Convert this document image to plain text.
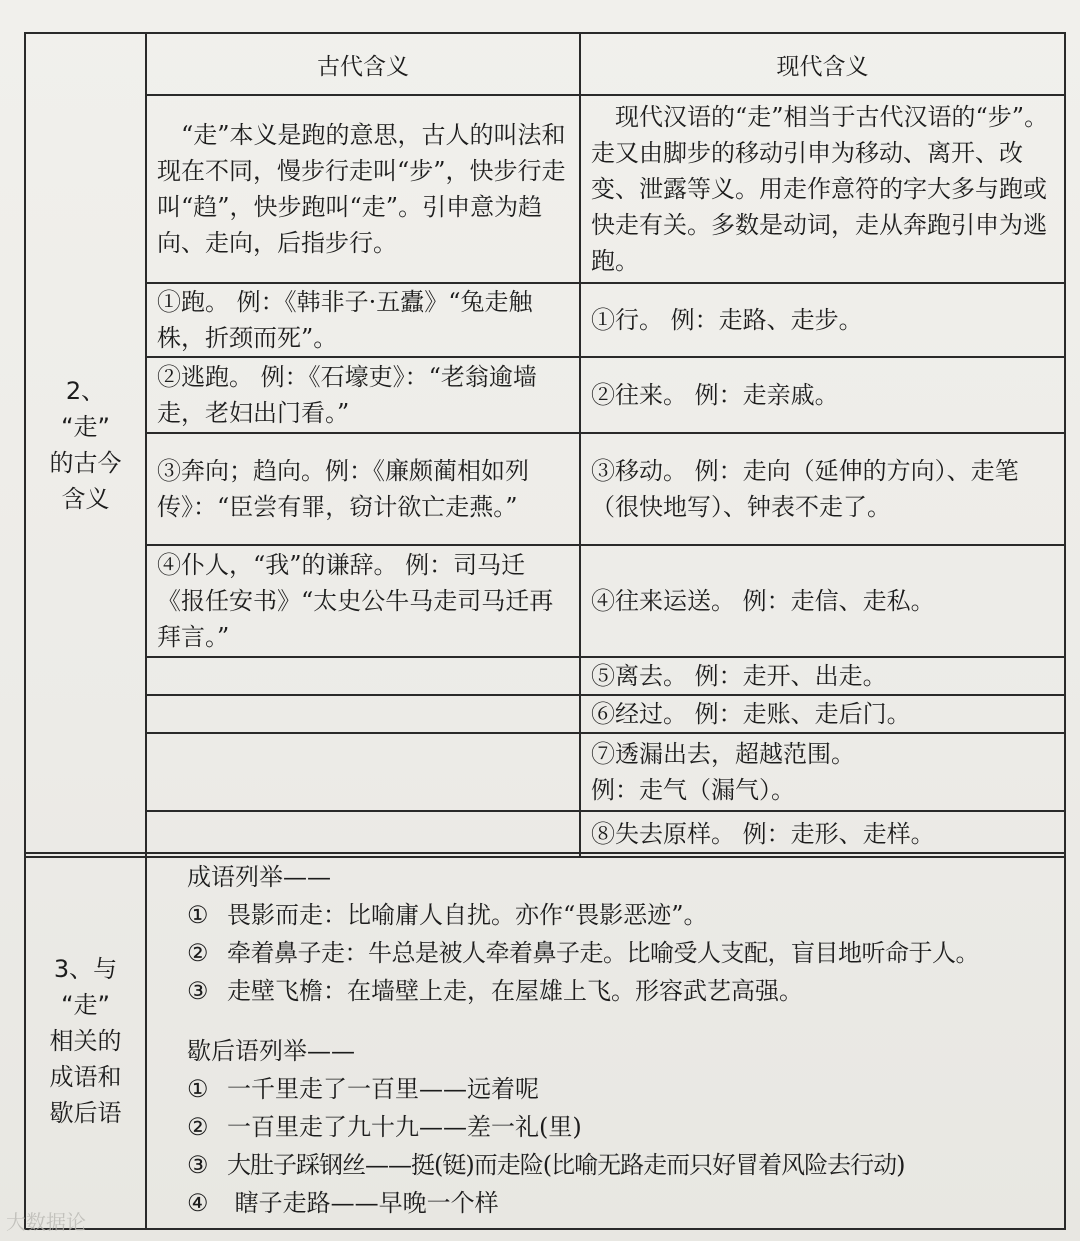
2、
“走”
的古今
含义	古代含义	现代含义
	“走”本义是跑的意思，古人的叫法和现在不同，慢步行走叫“步”，快步行走叫“趋”，快步跑叫“走”。引申意为趋向、走向，后指步行。	现代汉语的“走”相当于古代汉语的“步”。走又由脚步的移动引申为移动、离开、改变、泄露等义。用走作意符的字大多与跑或快走有关。多数是动词，走从奔跑引申为逃跑。
	①跑。 例：《韩非子·五蠹》“兔走触株，折颈而死”。	①行。 例：走路、走步。
	②逃跑。 例：《石壕吏》：“老翁逾墙走，老妇出门看。”	②往来。 例：走亲戚。
	③奔向；趋向。例：《廉颇蔺相如列传》：“臣尝有罪，窃计欲亡走燕。”	③移动。 例：走向（延伸的方向）、走笔（很快地写）、钟表不走了。
	④仆人，“我”的谦辞。 例：司马迁《报任安书》“太史公牛马走司马迁再拜言。”	④往来运送。 例：走信、走私。
		⑤离去。 例：走开、出走。
		⑥经过。 例：走账、走后门。
		⑦透漏出去，超越范围。
例：走气（漏气）。
		⑧失去原样。 例：走形、走样。
3、与
“走”
相关的
成语和
歇后语

成语列举——
① 畏影而走：比喻庸人自扰。亦作“畏影恶迹”。
② 牵着鼻子走：牛总是被人牵着鼻子走。比喻受人支配，盲目地听命于人。
③ 走壁飞檐：在墙壁上走，在屋雄上飞。形容武艺高强。
歇后语列举——
① 一千里走了一百里——远着呢
② 一百里走了九十九——差一礼(里)
③ 大肚子踩钢丝——挺(铤)而走险(比喻无路走而只好冒着风险去行动)
④ 瞎子走路——早晚一个样
大数据论
